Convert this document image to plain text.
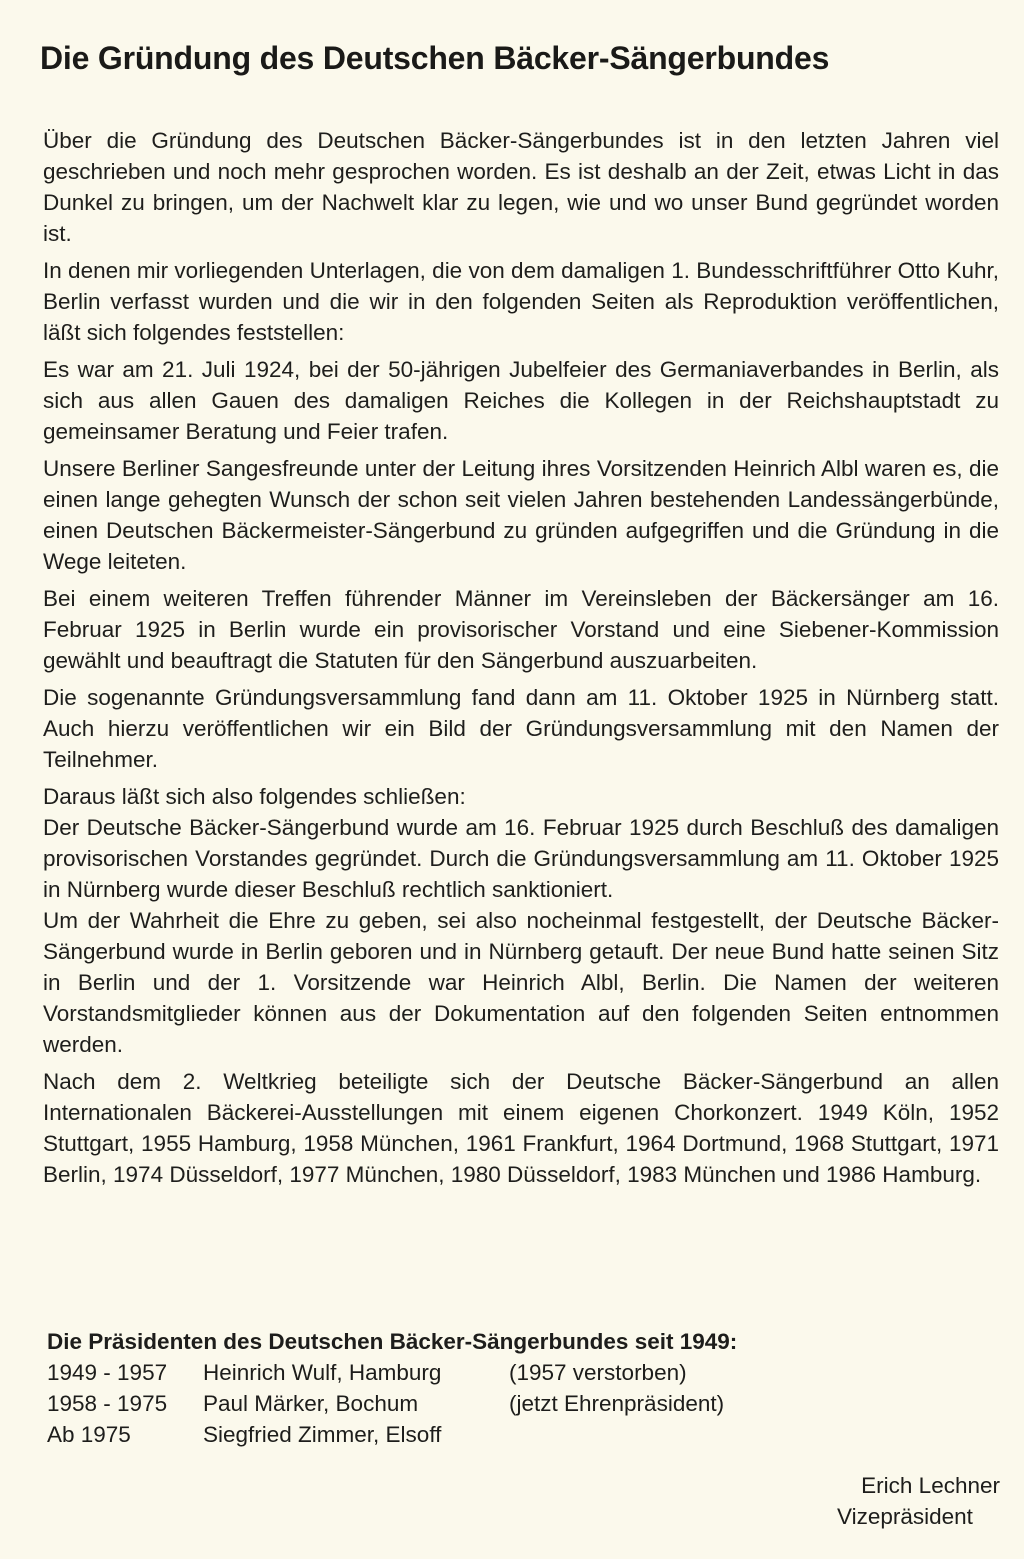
Die Gründung des Deutschen Bäcker-Sängerbundes

Über die Gründung des Deutschen Bäcker-Sängerbundes ist in den letzten Jahren viel geschrieben und noch mehr gesprochen worden. Es ist deshalb an der Zeit, etwas Licht in das Dunkel zu bringen, um der Nachwelt klar zu legen, wie und wo unser Bund gegründet worden ist.

In denen mir vorliegenden Unterlagen, die von dem damaligen 1. Bundesschriftführer Otto Kuhr, Berlin verfasst wurden und die wir in den folgenden Seiten als Reproduktion veröffentlichen, läßt sich folgendes feststellen:

Es war am 21. Juli 1924, bei der 50-jährigen Jubelfeier des Germaniaverbandes in Berlin, als sich aus allen Gauen des damaligen Reiches die Kollegen in der Reichshauptstadt zu gemeinsamer Beratung und Feier trafen.

Unsere Berliner Sangesfreunde unter der Leitung ihres Vorsitzenden Heinrich Albl waren es, die einen lange gehegten Wunsch der schon seit vielen Jahren bestehenden Landessängerbünde, einen Deutschen Bäckermeister-Sängerbund zu gründen aufgegriffen und die Gründung in die Wege leiteten.

Bei einem weiteren Treffen führender Männer im Vereinsleben der Bäckersänger am 16. Februar 1925 in Berlin wurde ein provisorischer Vorstand und eine Siebener-Kommission gewählt und beauftragt die Statuten für den Sängerbund auszuarbeiten.

Die sogenannte Gründungsversammlung fand dann am 11. Oktober 1925 in Nürnberg statt. Auch hierzu veröffentlichen wir ein Bild der Gründungsversammlung mit den Namen der Teilnehmer.

Daraus läßt sich also folgendes schließen:

Der Deutsche Bäcker-Sängerbund wurde am 16. Februar 1925 durch Beschluß des damaligen provisorischen Vorstandes gegründet. Durch die Gründungsversammlung am 11. Oktober 1925 in Nürnberg wurde dieser Beschluß rechtlich sanktioniert.

Um der Wahrheit die Ehre zu geben, sei also nocheinmal festgestellt, der Deutsche Bäcker-Sängerbund wurde in Berlin geboren und in Nürnberg getauft. Der neue Bund hatte seinen Sitz in Berlin und der 1. Vorsitzende war Heinrich Albl, Berlin. Die Namen der weiteren Vorstandsmitglieder können aus der Dokumentation auf den folgenden Seiten entnommen werden.

Nach dem 2. Weltkrieg beteiligte sich der Deutsche Bäcker-Sängerbund an allen Internationalen Bäckerei-Ausstellungen mit einem eigenen Chorkonzert. 1949 Köln, 1952 Stuttgart, 1955 Hamburg, 1958 München, 1961 Frankfurt, 1964 Dortmund, 1968 Stuttgart, 1971 Berlin, 1974 Düsseldorf, 1977 München, 1980 Düsseldorf, 1983 München und 1986 Hamburg.

Die Präsidenten des Deutschen Bäcker-Sängerbundes seit 1949:

1949 - 1957	Heinrich Wulf, Hamburg	(1957 verstorben)
1958 - 1975	Paul Märker, Bochum	(jetzt Ehrenpräsident)
Ab 1975	Siegfried Zimmer, Elsoff
Erich Lechner
Vizepräsident
